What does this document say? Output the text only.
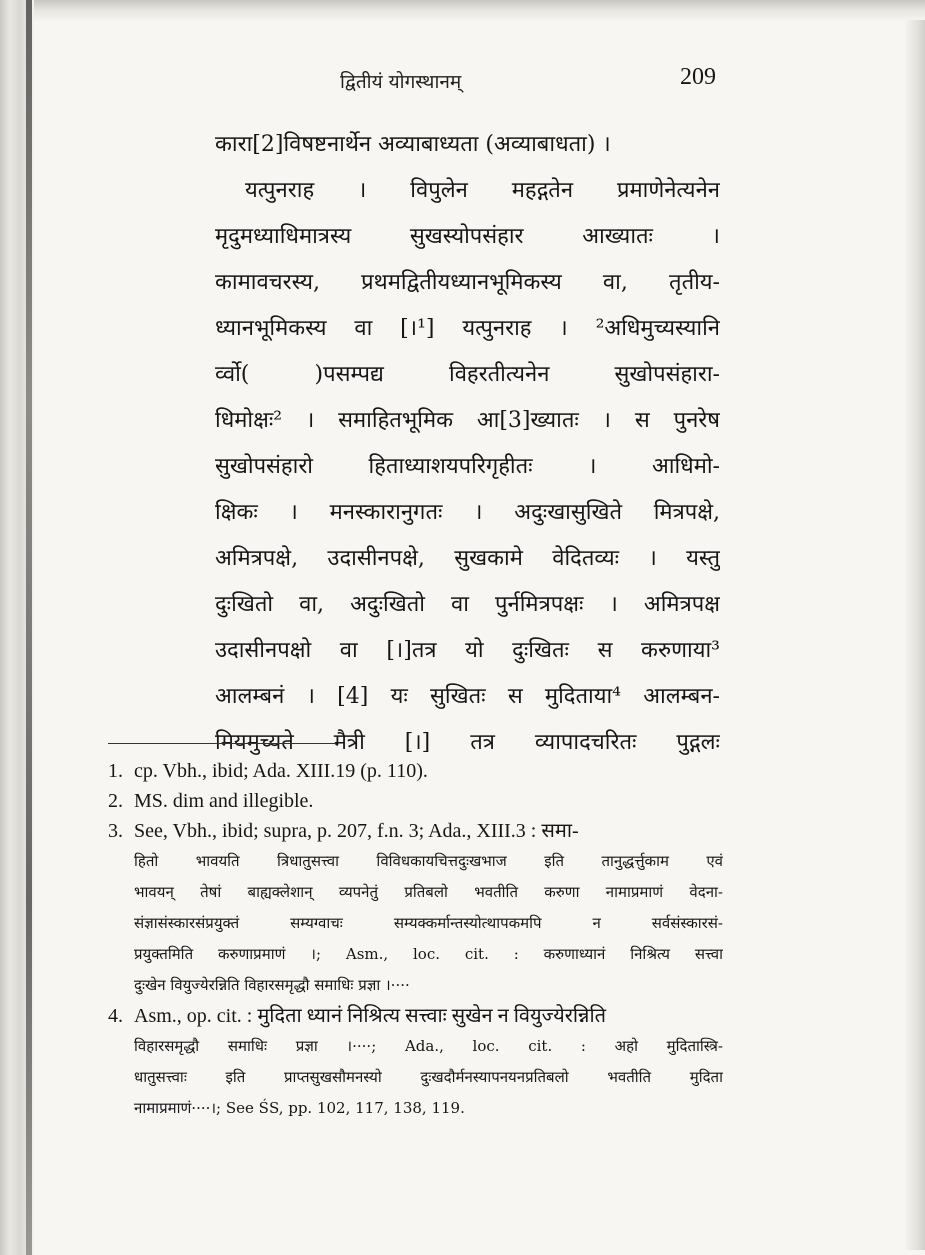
द्वितीयं योगस्थानम्	209
कारा[2]विषष्टनार्थेन अव्याबाध्यता (अव्याबाधता) ।
यत्पुनराह । विपुलेन महद्गतेन प्रमाणेनेत्यनेन
मृदुमध्याधिमात्रस्य सुखस्योपसंहार आख्यातः ।
कामावचरस्य, प्रथमद्वितीयध्यानभूमिकस्य वा, तृतीय-
ध्यानभूमिकस्य वा [।¹] यत्पुनराह । ²अधिमुच्यस्यानि
र्व्वो( )पसम्पद्य विहरतीत्यनेन सुखोपसंहारा-
धिमोक्षः² । समाहितभूमिक आ[3]ख्यातः । स पुनरेष
सुखोपसंहारो हिताध्याशयपरिगृहीतः । आधिमो-
क्षिकः । मनस्कारानुगतः । अदुःखासुखिते मित्रपक्षे,
अमित्रपक्षे, उदासीनपक्षे, सुखकामे वेदितव्यः । यस्तु
दुःखितो वा, अदुःखितो वा पुर्नमित्रपक्षः । अमित्रपक्ष
उदासीनपक्षो वा [।]तत्र यो दुःखितः स करुणाया³
आलम्बनं । [4] यः सुखितः स मुदिताया⁴ आलम्बन-
मियमुच्यते मैत्री [।] तत्र व्यापादचरितः पुद्गलः
1. cp. Vbh., ibid; Ada. XIII.19 (p. 110).
2. MS. dim and illegible.
3. See, Vbh., ibid; supra, p. 207, f.n. 3; Ada., XIII.3 : समा-
हितो भावयति त्रिधातुसत्त्वा विविधकायचित्तदुःखभाज इति तानुद्धर्त्तुकाम एवं
भावयन् तेषां बाह्यक्लेशान् व्यपनेतुं प्रतिबलो भवतीति करुणा नामाप्रमाणं वेदना-
संज्ञासंस्कारसंप्रयुक्तं सम्यग्वाचः सम्यक्कर्मान्तस्योत्थापकमपि न सर्वसंस्कारसं-
प्रयुक्तमिति करुणाप्रमाणं ।; Asm., loc. cit. : करुणाध्यानं निश्रित्य सत्त्वा
दुःखेन वियुज्येरन्निति विहारसमृद्धौ समाधिः प्रज्ञा ।····
4. Asm., op. cit. : मुदिता ध्यानं निश्रित्य सत्त्वाः सुखेन न वियुज्येरन्निति
विहारसमृद्धौ समाधिः प्रज्ञा ।····; Ada., loc. cit. : अहो मुदितास्त्रि-
धातुसत्त्वाः इति प्राप्तसुखसौमनस्यो दुःखदौर्मनस्यापनयनप्रतिबलो भवतीति मुदिता
नामाप्रमाणं····।; See ŚS, pp. 102, 117, 138, 119.
